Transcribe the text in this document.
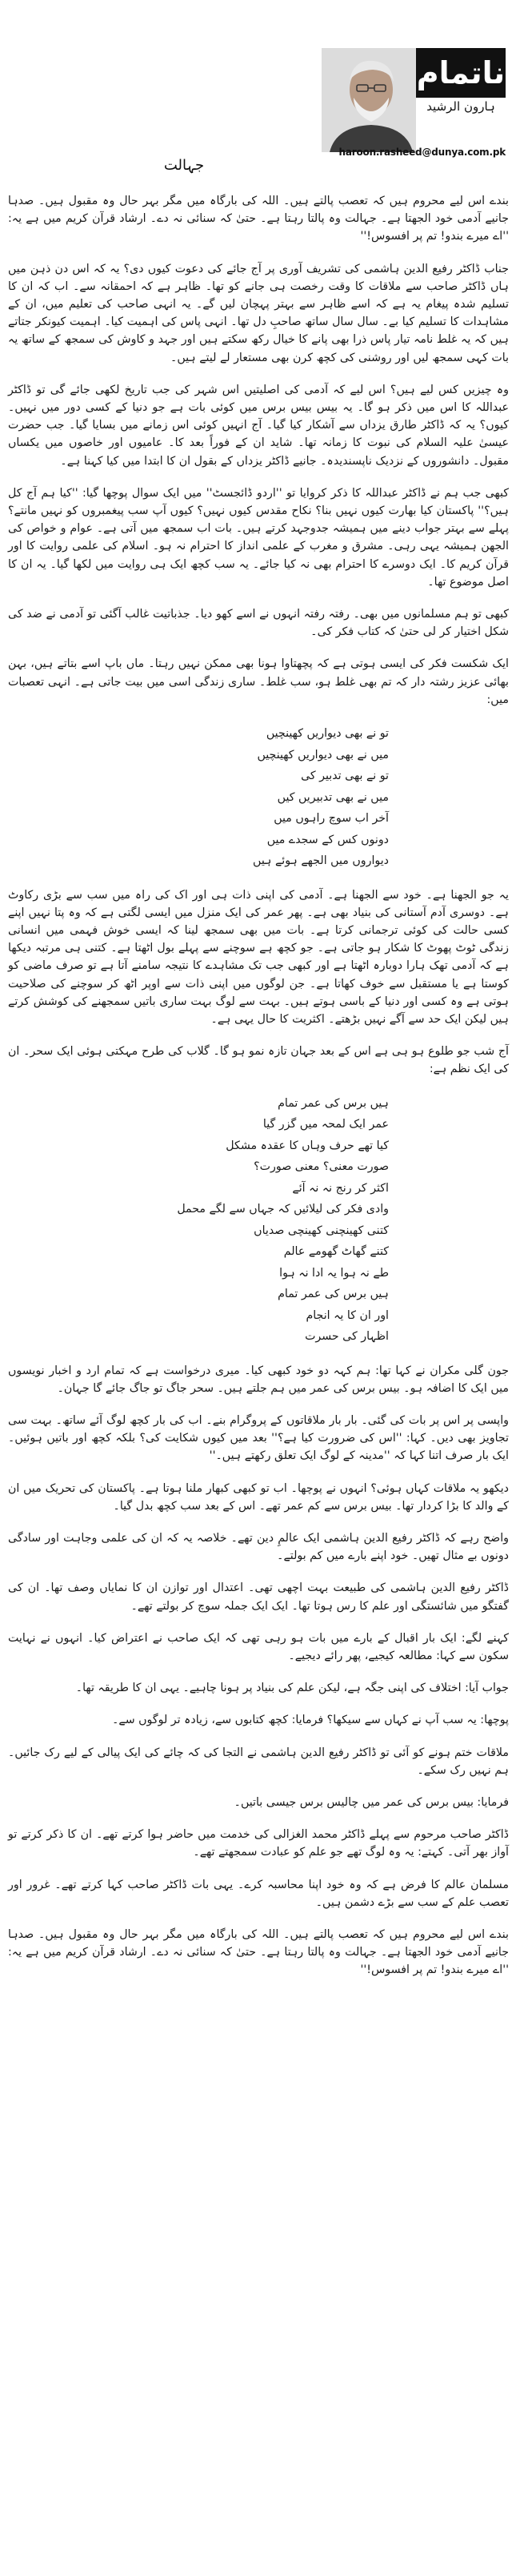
ناتمام
ہارون الرشید
haroon.rasheed@dunya.com.pk
جہالت

بندے اس لیے محروم ہیں کہ تعصب پالتے ہیں۔ اللہ کی بارگاہ میں مگر بہر حال وہ مقبول ہیں۔ صدہا جانیے آدمی خود الجھتا ہے۔ جہالت وہ پالتا رہتا ہے۔ حتیٰ کہ سنائی نہ دے۔ ارشاد قرآن کریم میں ہے یہ: ''اے میرے بندو! تم پر افسوس!''

جناب ڈاکٹر رفیع الدین ہاشمی کی تشریف آوری پر آج جائے کی دعوت کیوں دی؟ یہ کہ اس دن ذہن میں ہاں ڈاکٹر صاحب سے ملاقات کا وقت رخصت ہی جانے کو تھا۔ ظاہر ہے کہ احمقانہ سے۔ اب کہ ان کا تسلیم شدہ پیغام یہ ہے کہ اسے ظاہر سے بہتر پہچان لیں گے۔ یہ انہی صاحب کی تعلیم میں، ان کے مشاہدات کا تسلیم کیا بے۔ سال سال ساتھ صاحبِ دل تھا۔ انہی پاس کی اہمیت کیا۔ اہمیت کیونکر جتاتے ہیں کہ یہ غلط نامہ تیار پاس ذرا بھی پانے کا خیال رکھ سکتے ہیں اور جہد و کاوش کی سمجھ کے ساتھ یہ بات کہی سمجھ لیں اور روشنی کی کچھ کرن بھی مستعار لے لیتے ہیں۔

وہ چیزیں کس لیے ہیں؟ اس لیے کہ آدمی کی اصلیتیں اس شہر کی جب تاریخ لکھی جائے گی تو ڈاکٹر عبداللہ کا اس میں ذکر ہو گا۔ یہ بیس بیس برس میں کوئی بات ہے جو دنیا کے کسی دور میں نہیں۔ کیوں؟ یہ کہ ڈاکٹر طارق یزداں سے آشکار کیا گیا۔ آج انہیں کوئی اس زمانے میں بسایا گیا۔ جب حضرت عیسیٰ علیہ السلام کی نبوت کا زمانہ تھا۔ شاید ان کے فوراً بعد کا۔ عامیوں اور خاصوں میں یکساں مقبول۔ دانشوروں کے نزدیک ناپسندیدہ۔ جانیے ڈاکٹر یزداں کے بقول ان کا ابتدا میں کیا کہنا ہے۔

کبھی جب ہم نے ڈاکٹر عبداللہ کا ذکر کروایا تو ''اردو ڈائجسٹ'' میں ایک سوال پوچھا گیا: ''کیا ہم آج کل ہیں؟'' پاکستان کیا بھارت کیوں نہیں بنا؟ نکاح مقدس کیوں نہیں؟ کیوں آپ سب پیغمبروں کو نہیں مانتے؟ پہلے سے بہتر جواب دینے میں ہمیشہ جدوجہد کرتے ہیں۔ بات اب سمجھ میں آتی ہے۔ عوام و خواص کی الجھن ہمیشہ یہی رہی۔ مشرق و مغرب کے علمی انداز کا احترام نہ ہو۔ اسلام کی علمی روایت کا اور قرآن کریم کا۔ ایک دوسرے کا احترام بھی نہ کیا جائے۔ یہ سب کچھ ایک ہی روایت میں لکھا گیا۔ یہ ان کا اصل موضوع تھا۔

کبھی تو ہم مسلمانوں میں بھی۔ رفتہ رفتہ انہوں نے اسے کھو دیا۔ جذباتیت غالب آگئی تو آدمی نے ضد کی شکل اختیار کر لی حتیٰ کہ کتاب فکر کی۔

ایک شکست فکر کی ایسی ہوتی ہے کہ پچھتاوا ہونا بھی ممکن نہیں رہتا۔ ماں باپ اسے بتاتے ہیں، بہن بھائی عزیز رشتہ دار کہ تم بھی غلط ہو، سب غلط۔ ساری زندگی اسی میں بیت جاتی ہے۔ انہی تعصبات میں:

تو نے بھی دیواریں کھینچیں
میں نے بھی دیواریں کھینچیں
تو نے بھی تدبیر کی
میں نے بھی تدبیریں کیں
آخر اب سوچ راہوں میں
دونوں کس کے سجدے میں
دیواروں میں الجھے ہوئے ہیں

یہ جو الجھنا ہے۔ خود سے الجھنا ہے۔ آدمی کی اپنی ذات ہی اور اک کی راہ میں سب سے بڑی رکاوٹ ہے۔ دوسری آدم آستانی کی بنیاد بھی ہے۔ پھر عمر کی ایک منزل میں ایسی لگتی ہے کہ وہ پتا نہیں اپنے کسی حالت کی کوئی ترجمانی کرتا ہے۔ بات میں بھی سمجھ لینا کہ ایسی خوش فہمی میں انسانی زندگی ٹوٹ پھوٹ کا شکار ہو جاتی ہے۔ جو کچھ ہے سوچنے سے پہلے بول اٹھتا ہے۔ کتنی ہی مرتبہ دیکھا ہے کہ آدمی تھک ہارا دوبارہ اٹھتا ہے اور کبھی جب تک مشاہدے کا نتیجہ سامنے آتا ہے تو صرف ماضی کو کوستا ہے یا مستقبل سے خوف کھاتا ہے۔ جن لوگوں میں اپنی ذات سے اوپر اٹھ کر سوچنے کی صلاحیت ہوتی ہے وہ کسی اور دنیا کے باسی ہوتے ہیں۔ بہت سے لوگ بہت ساری باتیں سمجھنے کی کوشش کرتے ہیں لیکن ایک حد سے آگے نہیں بڑھتے۔ اکثریت کا حال یہی ہے۔

آج شب جو طلوع ہو ہی ہے اس کے بعد جہان تازہ نمو ہو گا۔ گلاب کی طرح مہکتی ہوئی ایک سحر۔ ان کی ایک نظم ہے:

ہیں برس کی عمر تمام
عمر ایک لمحہ میں گزر گیا
کیا تھے حرف وہاں کا عقدہ مشکل
صورت معنی؟ معنی صورت؟
اکثر کر رنج نہ نہ آئے
وادی فکر کی لیلائیں کہ جہاں سے لگے محمل
کتنی کھینچنی کھینچی صدیاں
کتنے گھاٹ گھومے عالم
طے نہ ہوا یہ ادا نہ ہوا
ہیں برس کی عمر تمام
اور ان کا یہ انجام
اظہار کی حسرت

جون گلی مکران نے کہا تھا: ہم کہہ دو خود کبھی کیا۔ میری درخواست ہے کہ تمام ارد و اخبار نویسوں میں ایک کا اضافہ ہو۔ بیس برس کی عمر میں ہم جلتے ہیں۔ سحر جاگ تو جاگ جائے گا جہان۔

واپسی پر اس پر بات کی گئی۔ بار بار ملاقاتوں کے پروگرام بنے۔ اب کی بار کچھ لوگ آئے ساتھ۔ بہت سی تجاویز بھی دیں۔ کہا: ''اس کی ضرورت کیا ہے؟'' بعد میں کیوں شکایت کی؟ بلکہ کچھ اور باتیں ہوئیں۔ ایک بار صرف اتنا کہا کہ ''مدینہ کے لوگ ایک تعلق رکھتے ہیں۔''

دیکھو یہ ملاقات کہاں ہوئی؟ انہوں نے پوچھا۔ اب تو کبھی کبھار ملنا ہوتا ہے۔ پاکستان کی تحریک میں ان کے والد کا بڑا کردار تھا۔ بیس برس سے کم عمر تھے۔ اس کے بعد سب کچھ بدل گیا۔

واضح رہے کہ ڈاکٹر رفیع الدین ہاشمی ایک عالمِ دین تھے۔ خلاصہ یہ کہ ان کی علمی وجاہت اور سادگی دونوں بے مثال تھیں۔ خود اپنے بارے میں کم بولتے۔

ڈاکٹر رفیع الدین ہاشمی کی طبیعت بہت اچھی تھی۔ اعتدال اور توازن ان کا نمایاں وصف تھا۔ ان کی گفتگو میں شائستگی اور علم کا رس ہوتا تھا۔ ایک ایک جملہ سوچ کر بولتے تھے۔

کہنے لگے: ایک بار اقبال کے بارے میں بات ہو رہی تھی کہ ایک صاحب نے اعتراض کیا۔ انہوں نے نہایت سکون سے کہا: مطالعہ کیجیے، پھر رائے دیجیے۔

جواب آیا: اختلاف کی اپنی جگہ ہے، لیکن علم کی بنیاد پر ہونا چاہیے۔ یہی ان کا طریقہ تھا۔

پوچھا: یہ سب آپ نے کہاں سے سیکھا؟ فرمایا: کچھ کتابوں سے، زیادہ تر لوگوں سے۔

ملاقات ختم ہونے کو آئی تو ڈاکٹر رفیع الدین ہاشمی نے التجا کی کہ چائے کی ایک پیالی کے لیے رک جائیں۔ ہم نہیں رک سکے۔

فرمایا: بیس برس کی عمر میں چالیس برس جیسی باتیں۔

ڈاکٹر صاحب مرحوم سے پہلے ڈاکٹر محمد الغزالی کی خدمت میں حاضر ہوا کرتے تھے۔ ان کا ذکر کرتے تو آواز بھر آتی۔ کہتے: یہ وہ لوگ تھے جو علم کو عبادت سمجھتے تھے۔

مسلمان عالم کا فرض ہے کہ وہ خود اپنا محاسبہ کرے۔ یہی بات ڈاکٹر صاحب کہا کرتے تھے۔ غرور اور تعصب علم کے سب سے بڑے دشمن ہیں۔

بندے اس لیے محروم ہیں کہ تعصب پالتے ہیں۔ اللہ کی بارگاہ میں مگر بہر حال وہ مقبول ہیں۔ صدہا جانیے آدمی خود الجھتا ہے۔ جہالت وہ پالتا رہتا ہے۔ حتیٰ کہ سنائی نہ دے۔ ارشاد قرآن کریم میں ہے یہ: ''اے میرے بندو! تم پر افسوس!''
